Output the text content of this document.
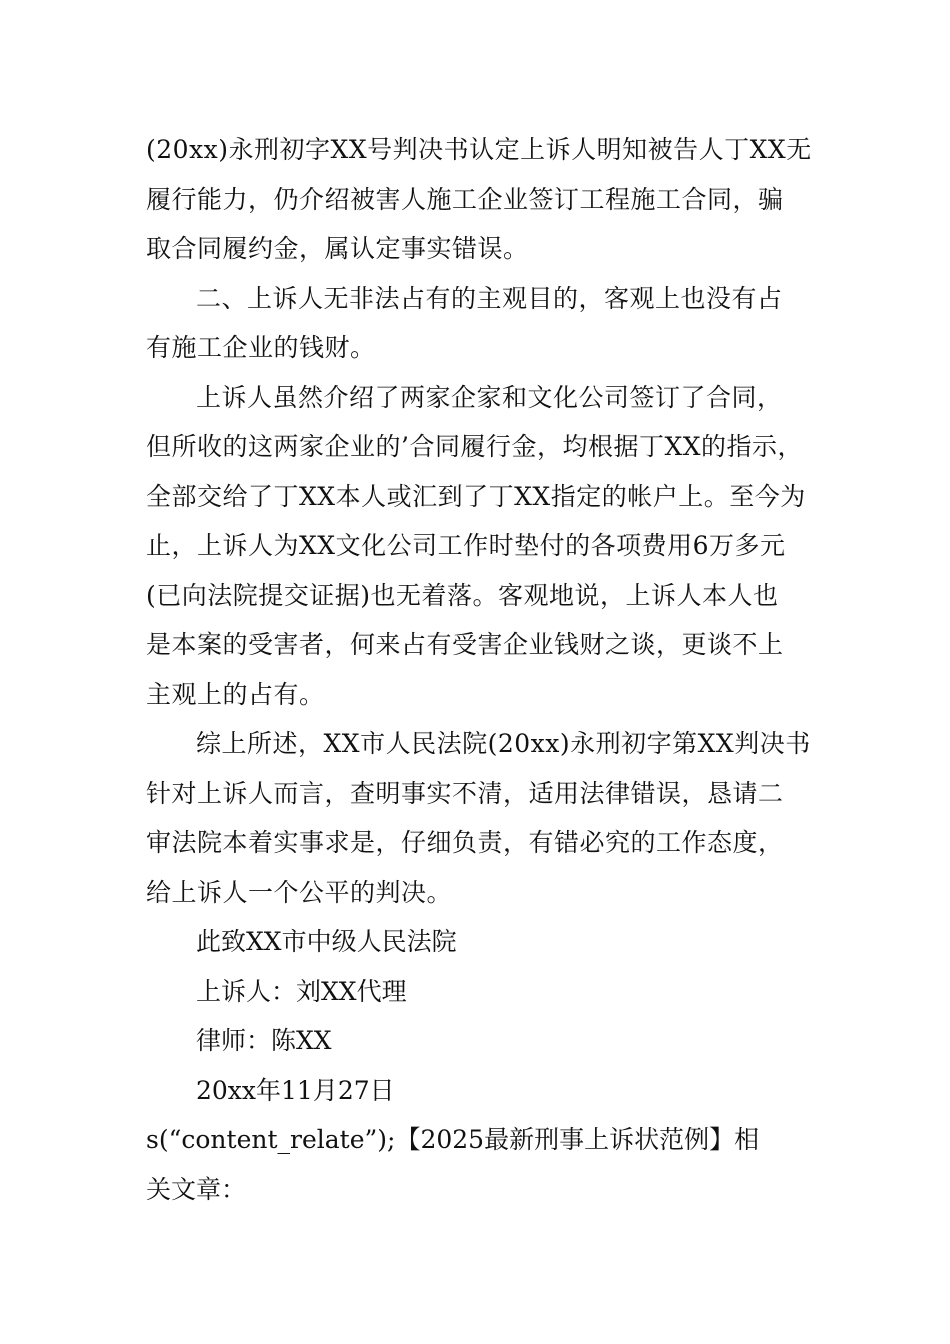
(20xx)永刑初字XX号判决书认定上诉人明知被告人丁XX无
履行能力，仍介绍被害人施工企业签订工程施工合同，骗
取合同履约金，属认定事实错误。

二、上诉人无非法占有的主观目的，客观上也没有占
有施工企业的钱财。

上诉人虽然介绍了两家企家和文化公司签订了合同，
但所收的这两家企业的’合同履行金，均根据丁XX的指示，
全部交给了丁XX本人或汇到了丁XX指定的帐户上。至今为
止，上诉人为XX文化公司工作时垫付的各项费用6万多元
(已向法院提交证据)也无着落。客观地说，上诉人本人也
是本案的受害者，何来占有受害企业钱财之谈，更谈不上
主观上的占有。

综上所述，XX市人民法院(20xx)永刑初字第XX判决书
针对上诉人而言，查明事实不清，适用法律错误，恳请二
审法院本着实事求是，仔细负责，有错必究的工作态度，
给上诉人一个公平的判决。

此致XX市中级人民法院

上诉人：刘XX代理

律师：陈XX

20xx年11月27日

s(“content_relate”);【2025最新刑事上诉状范例】相
关文章：
